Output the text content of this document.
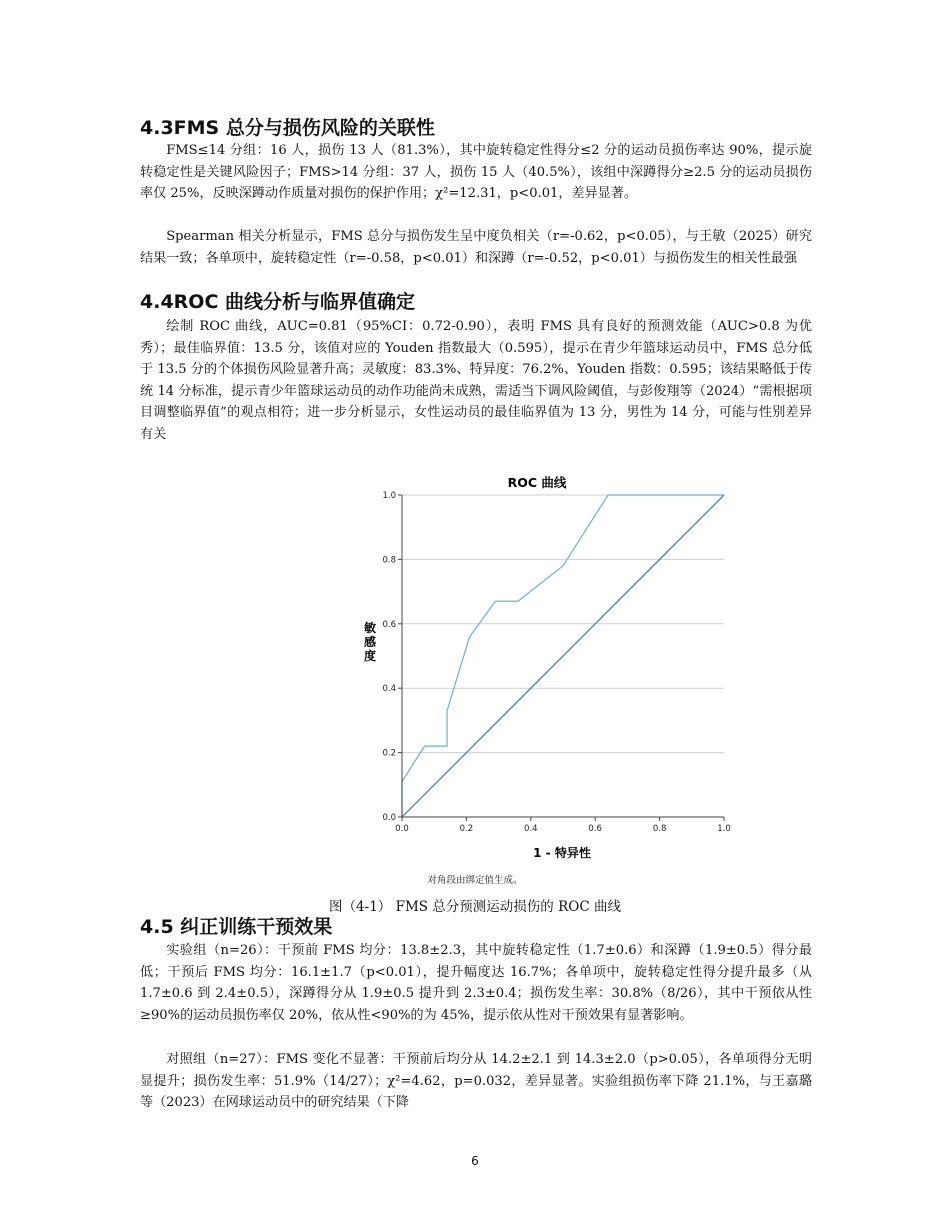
4.3FMS 总分与损伤风险的关联性

FMS≤14 分组：16 人，损伤 13 人（81.3%），其中旋转稳定性得分≤2 分的运动员损伤率达 90%，提示旋转稳定性是关键风险因子；FMS>14 分组：37 人，损伤 15 人（40.5%），该组中深蹲得分≥2.5 分的运动员损伤率仅 25%，反映深蹲动作质量对损伤的保护作用；χ²=12.31，p<0.01，差异显著。

Spearman 相关分析显示，FMS 总分与损伤发生呈中度负相关（r=-0.62，p<0.05），与王敏（2025）研究结果一致；各单项中，旋转稳定性（r=-0.58，p<0.01）和深蹲（r=-0.52，p<0.01）与损伤发生的相关性最强

4.4ROC 曲线分析与临界值确定

绘制 ROC 曲线，AUC=0.81（95%CI：0.72-0.90），表明 FMS 具有良好的预测效能（AUC>0.8 为优秀）；最佳临界值：13.5 分，该值对应的 Youden 指数最大（0.595），提示在青少年篮球运动员中，FMS 总分低于 13.5 分的个体损伤风险显著升高；灵敏度：83.3%、特异度：76.2%、Youden 指数：0.595；该结果略低于传统 14 分标准，提示青少年篮球运动员的动作功能尚未成熟，需适当下调风险阈值，与彭俊翔等（2024）“需根据项目调整临界值”的观点相符；进一步分析显示，女性运动员的最佳临界值为 13 分，男性为 14 分，可能与性别差异有关

ROC 曲线
0.0
0.2
0.4
0.6
0.8
1.0
0.0	0.2	0.4	0.6	0.8	1.0
1 - 特异性
敏感度
对角段由绑定值生成。
图（4-1） FMS 总分预测运动损伤的 ROC 曲线
4.5 纠正训练干预效果

实验组（n=26）：干预前 FMS 均分：13.8±2.3，其中旋转稳定性（1.7±0.6）和深蹲（1.9±0.5）得分最低；干预后 FMS 均分：16.1±1.7（p<0.01），提升幅度达 16.7%；各单项中，旋转稳定性得分提升最多（从 1.7±0.6 到 2.4±0.5），深蹲得分从 1.9±0.5 提升到 2.3±0.4；损伤发生率：30.8%（8/26），其中干预依从性≥90%的运动员损伤率仅 20%，依从性<90%的为 45%，提示依从性对干预效果有显著影响。

对照组（n=27）：FMS 变化不显著：干预前后均分从 14.2±2.1 到 14.3±2.0（p>0.05），各单项得分无明显提升；损伤发生率：51.9%（14/27）；χ²=4.62，p=0.032，差异显著。实验组损伤率下降 21.1%，与王嘉璐等（2023）在网球运动员中的研究结果（下降

6
